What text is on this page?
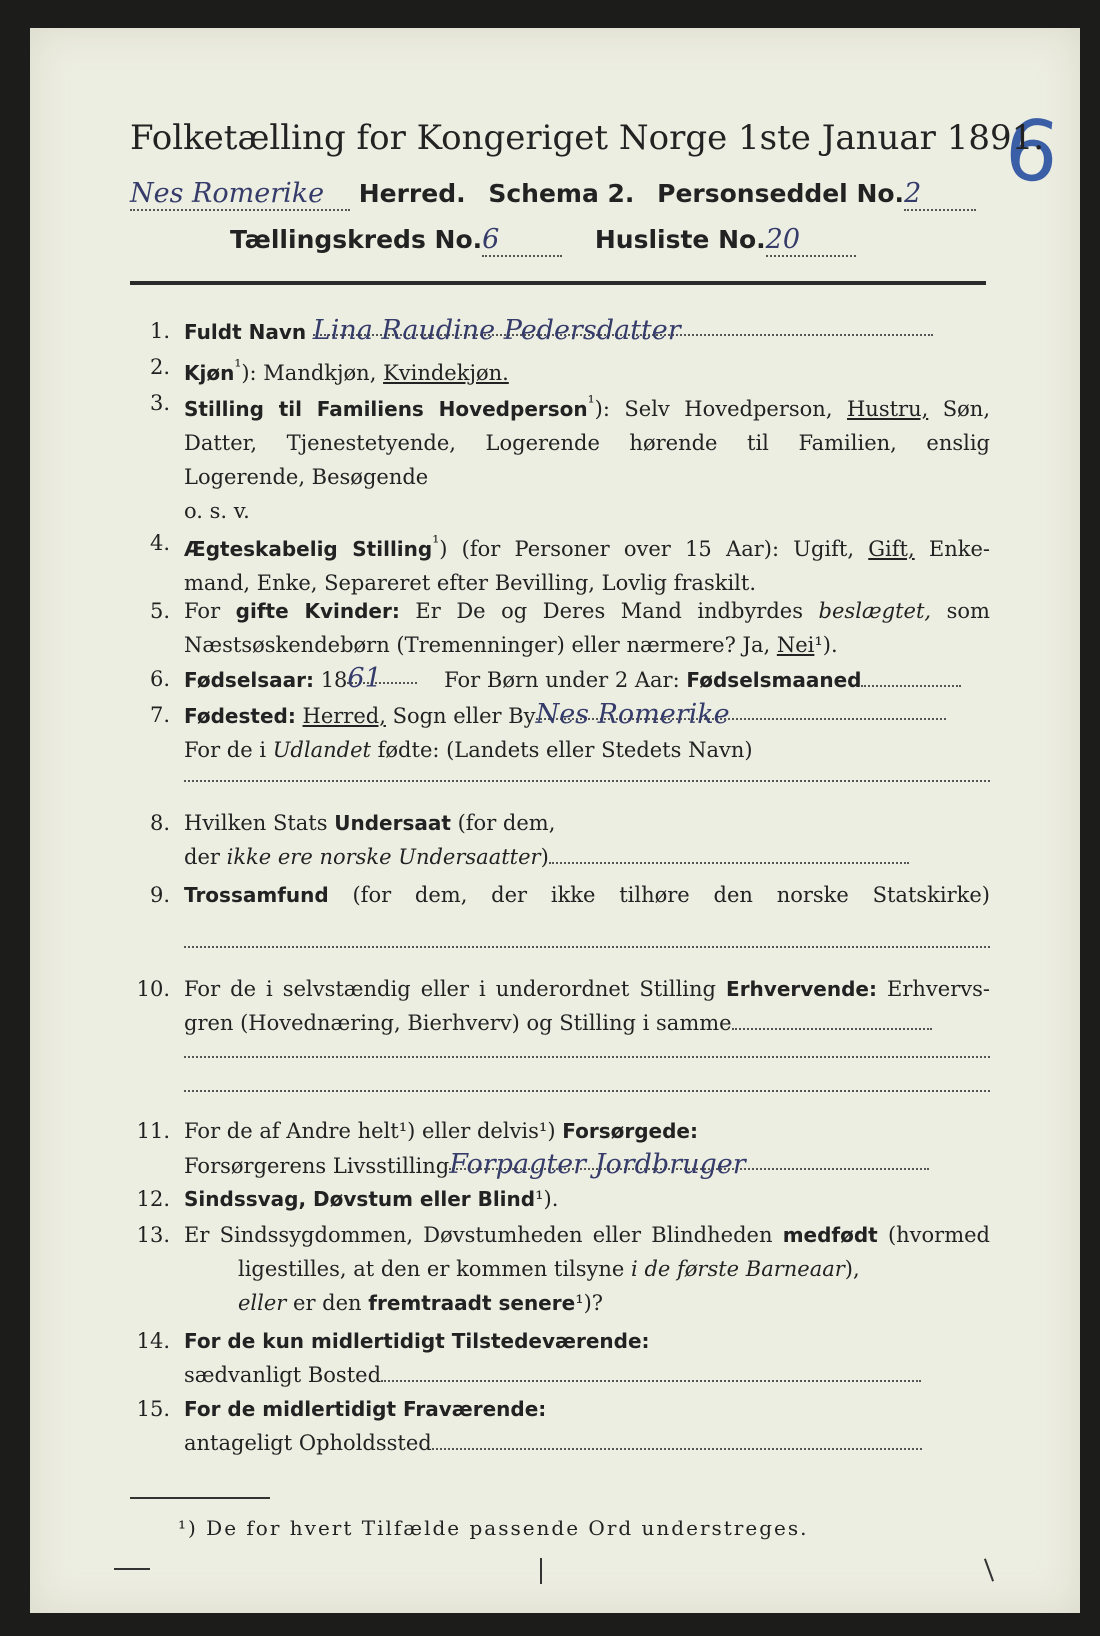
6
Folketælling for Kongeriget Norge 1ste Januar 1891.
Nes Romerike Herred. Schema 2. Personseddel No.2
Tællingskreds No.6	Husliste No.20
1. Fuldt Navn Lina Raudine Pedersdatter
2. Kjøn$^{^1}$): Mandkjøn, Kvindekjøn.
3. Stilling til Familiens Hovedperson$^{^1}$): Selv Hovedperson, Hustru, Søn,
Datter, Tjenestetyende, Logerende hørende til Familien, enslig
Logerende, Besøgende
o. s. v.
4. Ægteskabelig Stilling$^{^1}$) (for Personer over 15 Aar): Ugift, Gift, Enke-
mand, Enke, Separeret efter Bevilling, Lovlig fraskilt.
5. For gifte Kvinder: Er De og Deres Mand indbyrdes beslægtet, som
Næstsøskendebørn (Tremenninger) eller nærmere? Ja, Nei¹).
6. Fødselsaar: 1861	For Børn under 2 Aar: Fødselsmaaned
7. Fødested: Herred, Sogn eller ByNes Romerike
For de i Udlandet fødte: (Landets eller Stedets Navn)
8. Hvilken Stats Undersaat (for dem,
der ikke ere norske Undersaatter)
9. Trossamfund (for dem, der ikke tilhøre den norske Statskirke)
10. For de i selvstændig eller i underordnet Stilling Erhvervende: Erhvervs-
gren (Hovednæring, Bierhverv) og Stilling i samme
11. For de af Andre helt¹) eller delvis¹) Forsørgede:
Forsørgerens LivsstillingForpagter Jordbruger
12. Sindssvag, Døvstum eller Blind¹).
13. Er Sindssygdommen, Døvstumheden eller Blindheden medfødt (hvormed
ligestilles, at den er kommen tilsyne i de første Barneaar),
eller er den fremtraadt senere¹)?
14. For de kun midlertidigt Tilstedeværende:
sædvanligt Bosted
15. For de midlertidigt Fraværende:
antageligt Opholdssted
¹) De for hvert Tilfælde passende Ord understreges.
